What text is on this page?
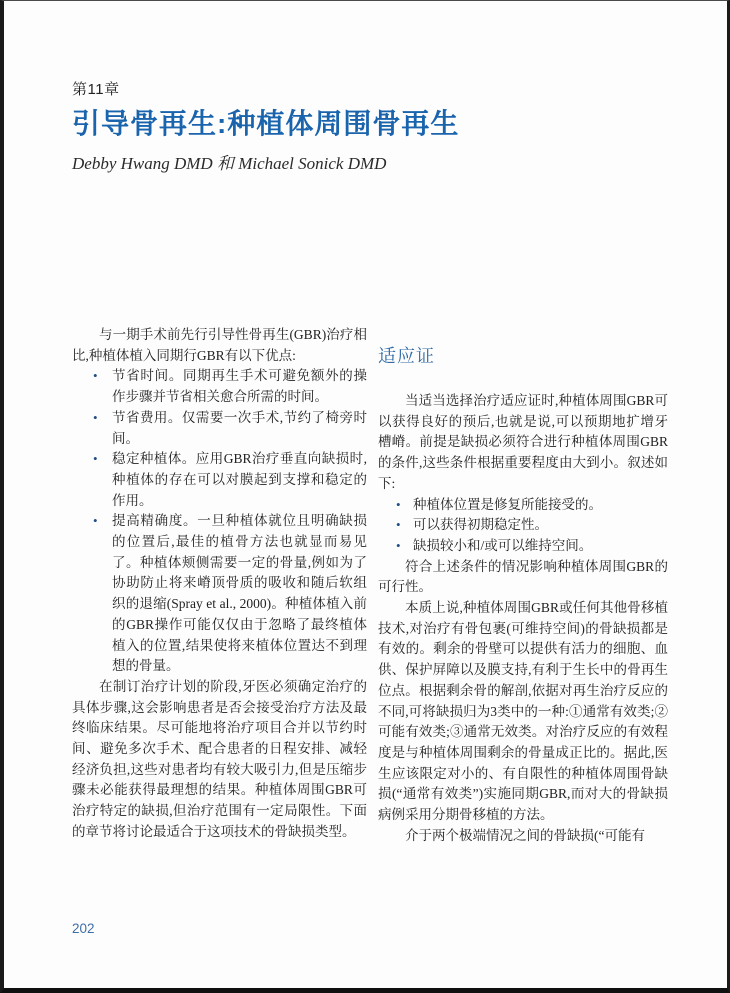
第11章
引导骨再生:种植体周围骨再生
Debby Hwang DMD 和 Michael Sonick DMD

与一期手术前先行引导性骨再生(GBR)治疗相比,种植体植入同期行GBR有以下优点:

• 节省时间。同期再生手术可避免额外的操作步骤并节省相关愈合所需的时间。
• 节省费用。仅需要一次手术,节约了椅旁时间。
• 稳定种植体。应用GBR治疗垂直向缺损时,种植体的存在可以对膜起到支撑和稳定的作用。
• 提高精确度。一旦种植体就位且明确缺损的位置后,最佳的植骨方法也就显而易见了。种植体颊侧需要一定的骨量,例如为了协助防止将来嵴顶骨质的吸收和随后软组织的退缩(Spray et al., 2000)。种植体植入前的GBR操作可能仅仅由于忽略了最终植体植入的位置,结果使将来植体位置达不到理想的骨量。

在制订治疗计划的阶段,牙医必须确定治疗的具体步骤,这会影响患者是否会接受治疗方法及最终临床结果。尽可能地将治疗项目合并以节约时间、避免多次手术、配合患者的日程安排、减轻经济负担,这些对患者均有较大吸引力,但是压缩步骤未必能获得最理想的结果。种植体周围GBR可治疗特定的缺损,但治疗范围有一定局限性。下面的章节将讨论最适合于这项技术的骨缺损类型。

适应证

当适当选择治疗适应证时,种植体周围GBR可以获得良好的预后,也就是说,可以预期地扩增牙槽嵴。前提是缺损必须符合进行种植体周围GBR的条件,这些条件根据重要程度由大到小。叙述如下:

• 种植体位置是修复所能接受的。
• 可以获得初期稳定性。
• 缺损较小和/或可以维持空间。

符合上述条件的情况影响种植体周围GBR的可行性。

本质上说,种植体周围GBR或任何其他骨移植技术,对治疗有骨包裹(可维持空间)的骨缺损都是有效的。剩余的骨壁可以提供有活力的细胞、血供、保护屏障以及膜支持,有利于生长中的骨再生位点。根据剩余骨的解剖,依据对再生治疗反应的不同,可将缺损归为3类中的一种:①通常有效类;②可能有效类;③通常无效类。对治疗反应的有效程度是与种植体周围剩余的骨量成正比的。据此,医生应该限定对小的、有自限性的种植体周围骨缺损(“通常有效类”)实施同期GBR,而对大的骨缺损病例采用分期骨移植的方法。

介于两个极端情况之间的骨缺损(“可能有

202
